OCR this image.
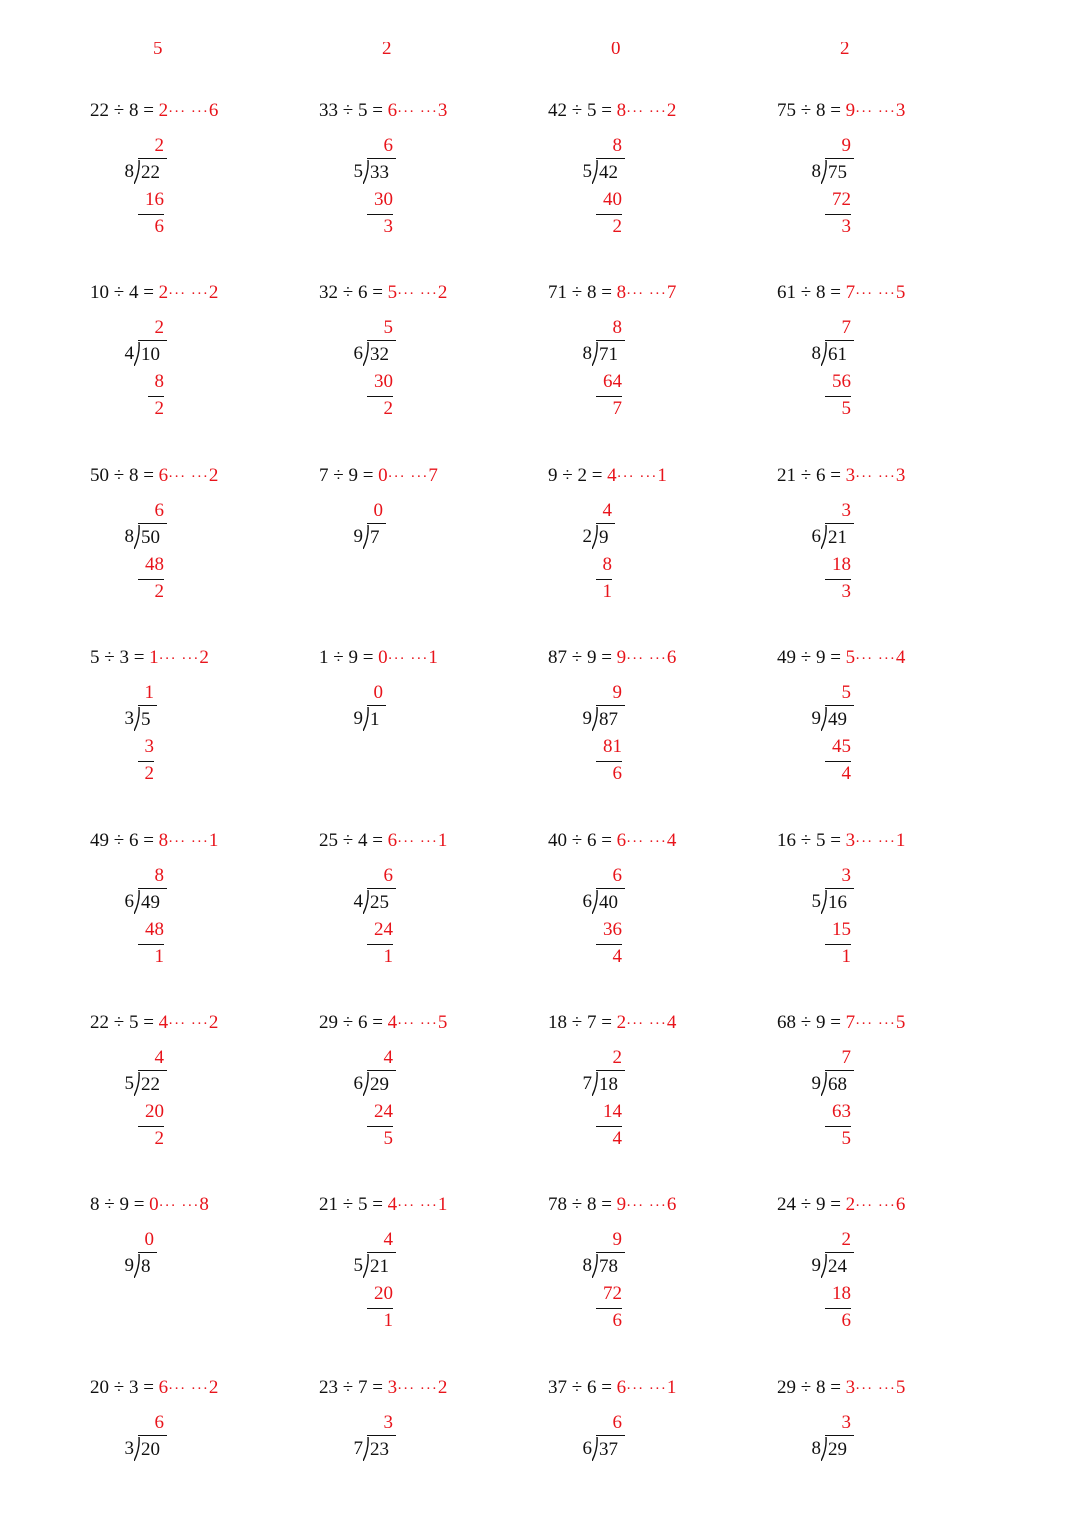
5	2	0	2
22 ÷ 8 = 2··· ···6
2
8 22
16
6
33 ÷ 5 = 6··· ···3
6
5 33
30
3
42 ÷ 5 = 8··· ···2
8
5 42
40
2
75 ÷ 8 = 9··· ···3
9
8 75
72
3
10 ÷ 4 = 2··· ···2
2
4 10
8
2
32 ÷ 6 = 5··· ···2
5
6 32
30
2
71 ÷ 8 = 8··· ···7
8
8 71
64
7
61 ÷ 8 = 7··· ···5
7
8 61
56
5
50 ÷ 8 = 6··· ···2
6
8 50
48
2
7 ÷ 9 = 0··· ···7
0
9 7
9 ÷ 2 = 4··· ···1
4
2 9
8
1
21 ÷ 6 = 3··· ···3
3
6 21
18
3
5 ÷ 3 = 1··· ···2
1
3 5
3
2
1 ÷ 9 = 0··· ···1
0
9 1
87 ÷ 9 = 9··· ···6
9
9 87
81
6
49 ÷ 9 = 5··· ···4
5
9 49
45
4
49 ÷ 6 = 8··· ···1
8
6 49
48
1
25 ÷ 4 = 6··· ···1
6
4 25
24
1
40 ÷ 6 = 6··· ···4
6
6 40
36
4
16 ÷ 5 = 3··· ···1
3
5 16
15
1
22 ÷ 5 = 4··· ···2
4
5 22
20
2
29 ÷ 6 = 4··· ···5
4
6 29
24
5
18 ÷ 7 = 2··· ···4
2
7 18
14
4
68 ÷ 9 = 7··· ···5
7
9 68
63
5
8 ÷ 9 = 0··· ···8
0
9 8
21 ÷ 5 = 4··· ···1
4
5 21
20
1
78 ÷ 8 = 9··· ···6
9
8 78
72
6
24 ÷ 9 = 2··· ···6
2
9 24
18
6
20 ÷ 3 = 6··· ···2
6
3 20
23 ÷ 7 = 3··· ···2
3
7 23
37 ÷ 6 = 6··· ···1
6
6 37
29 ÷ 8 = 3··· ···5
3
8 29
